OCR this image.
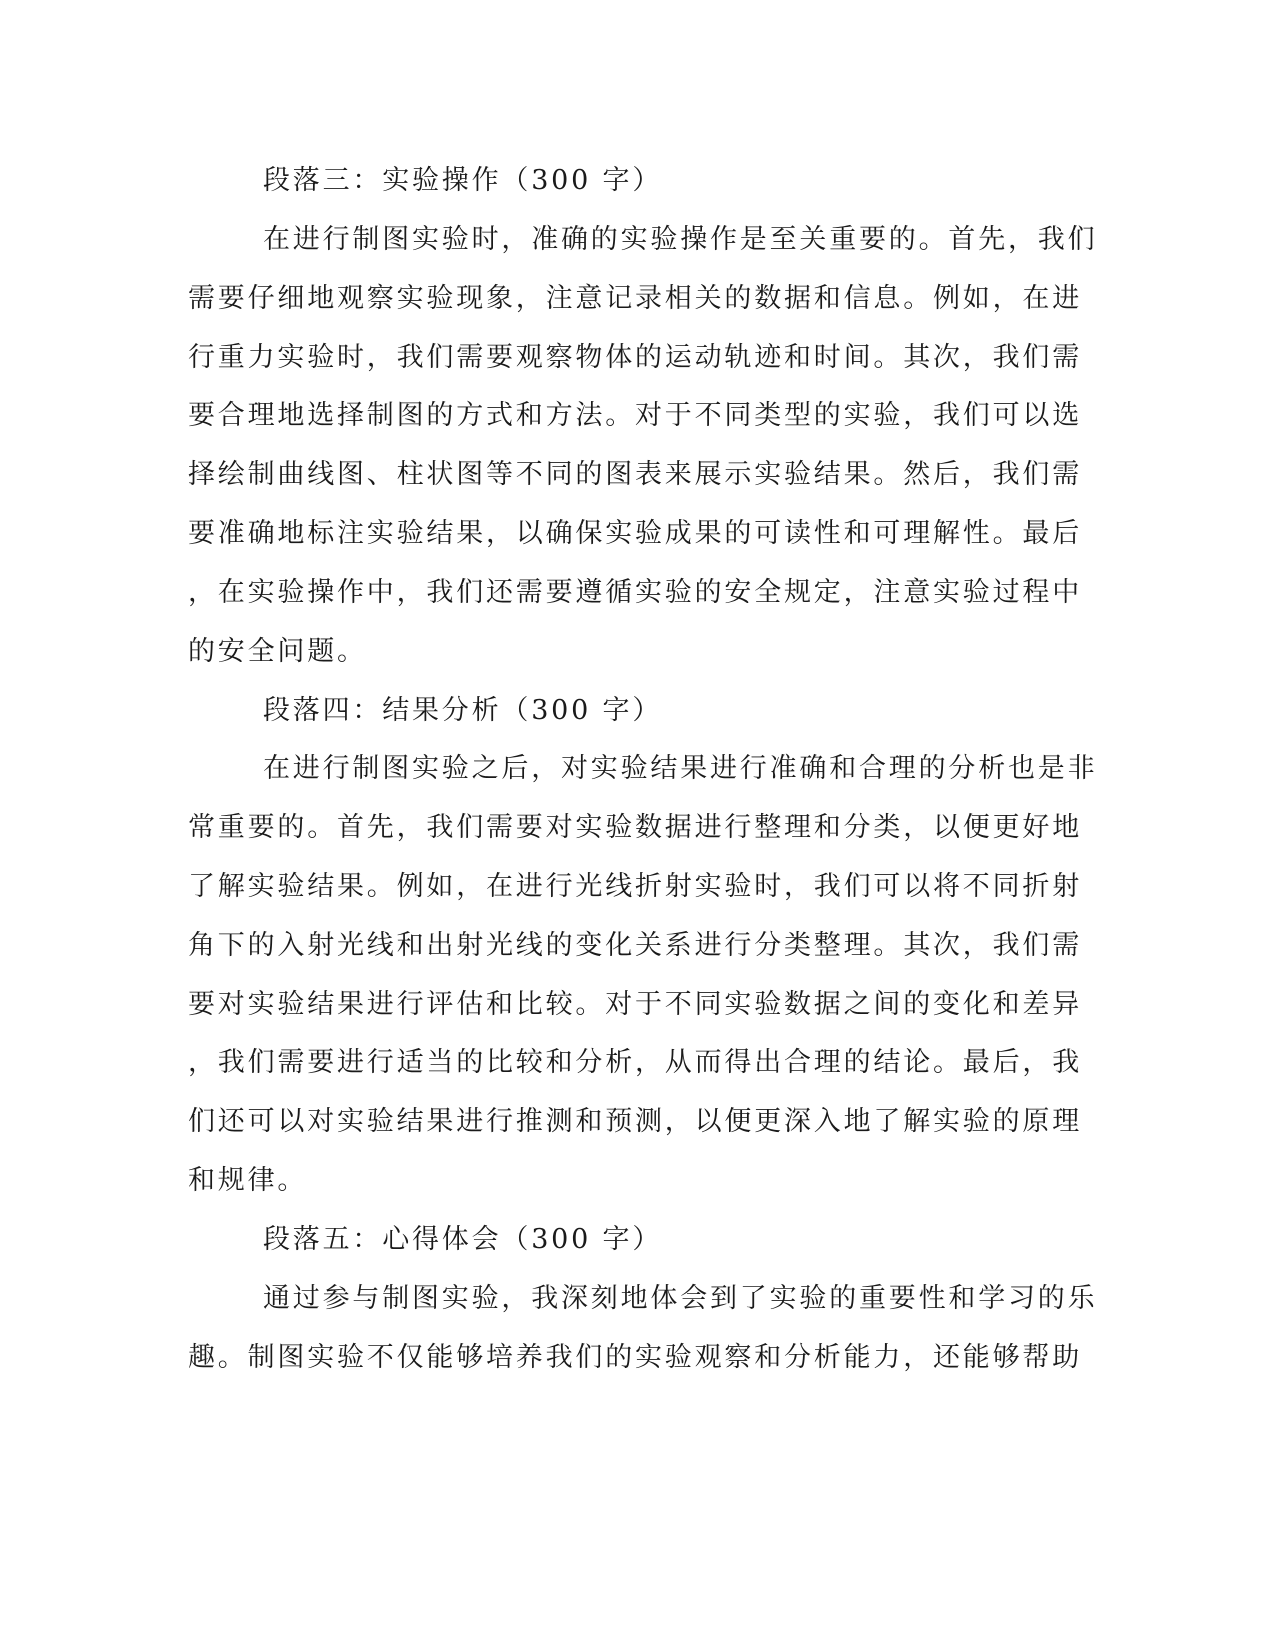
段落三：实验操作（300 字）
在进行制图实验时，准确的实验操作是至关重要的。首先，我们
需要仔细地观察实验现象，注意记录相关的数据和信息。例如，在进
行重力实验时，我们需要观察物体的运动轨迹和时间。其次，我们需
要合理地选择制图的方式和方法。对于不同类型的实验，我们可以选
择绘制曲线图、柱状图等不同的图表来展示实验结果。然后，我们需
要准确地标注实验结果，以确保实验成果的可读性和可理解性。最后
，在实验操作中，我们还需要遵循实验的安全规定，注意实验过程中
的安全问题。
段落四：结果分析（300 字）
在进行制图实验之后，对实验结果进行准确和合理的分析也是非
常重要的。首先，我们需要对实验数据进行整理和分类，以便更好地
了解实验结果。例如，在进行光线折射实验时，我们可以将不同折射
角下的入射光线和出射光线的变化关系进行分类整理。其次，我们需
要对实验结果进行评估和比较。对于不同实验数据之间的变化和差异
，我们需要进行适当的比较和分析，从而得出合理的结论。最后，我
们还可以对实验结果进行推测和预测，以便更深入地了解实验的原理
和规律。
段落五：心得体会（300 字）
通过参与制图实验，我深刻地体会到了实验的重要性和学习的乐
趣。制图实验不仅能够培养我们的实验观察和分析能力，还能够帮助
